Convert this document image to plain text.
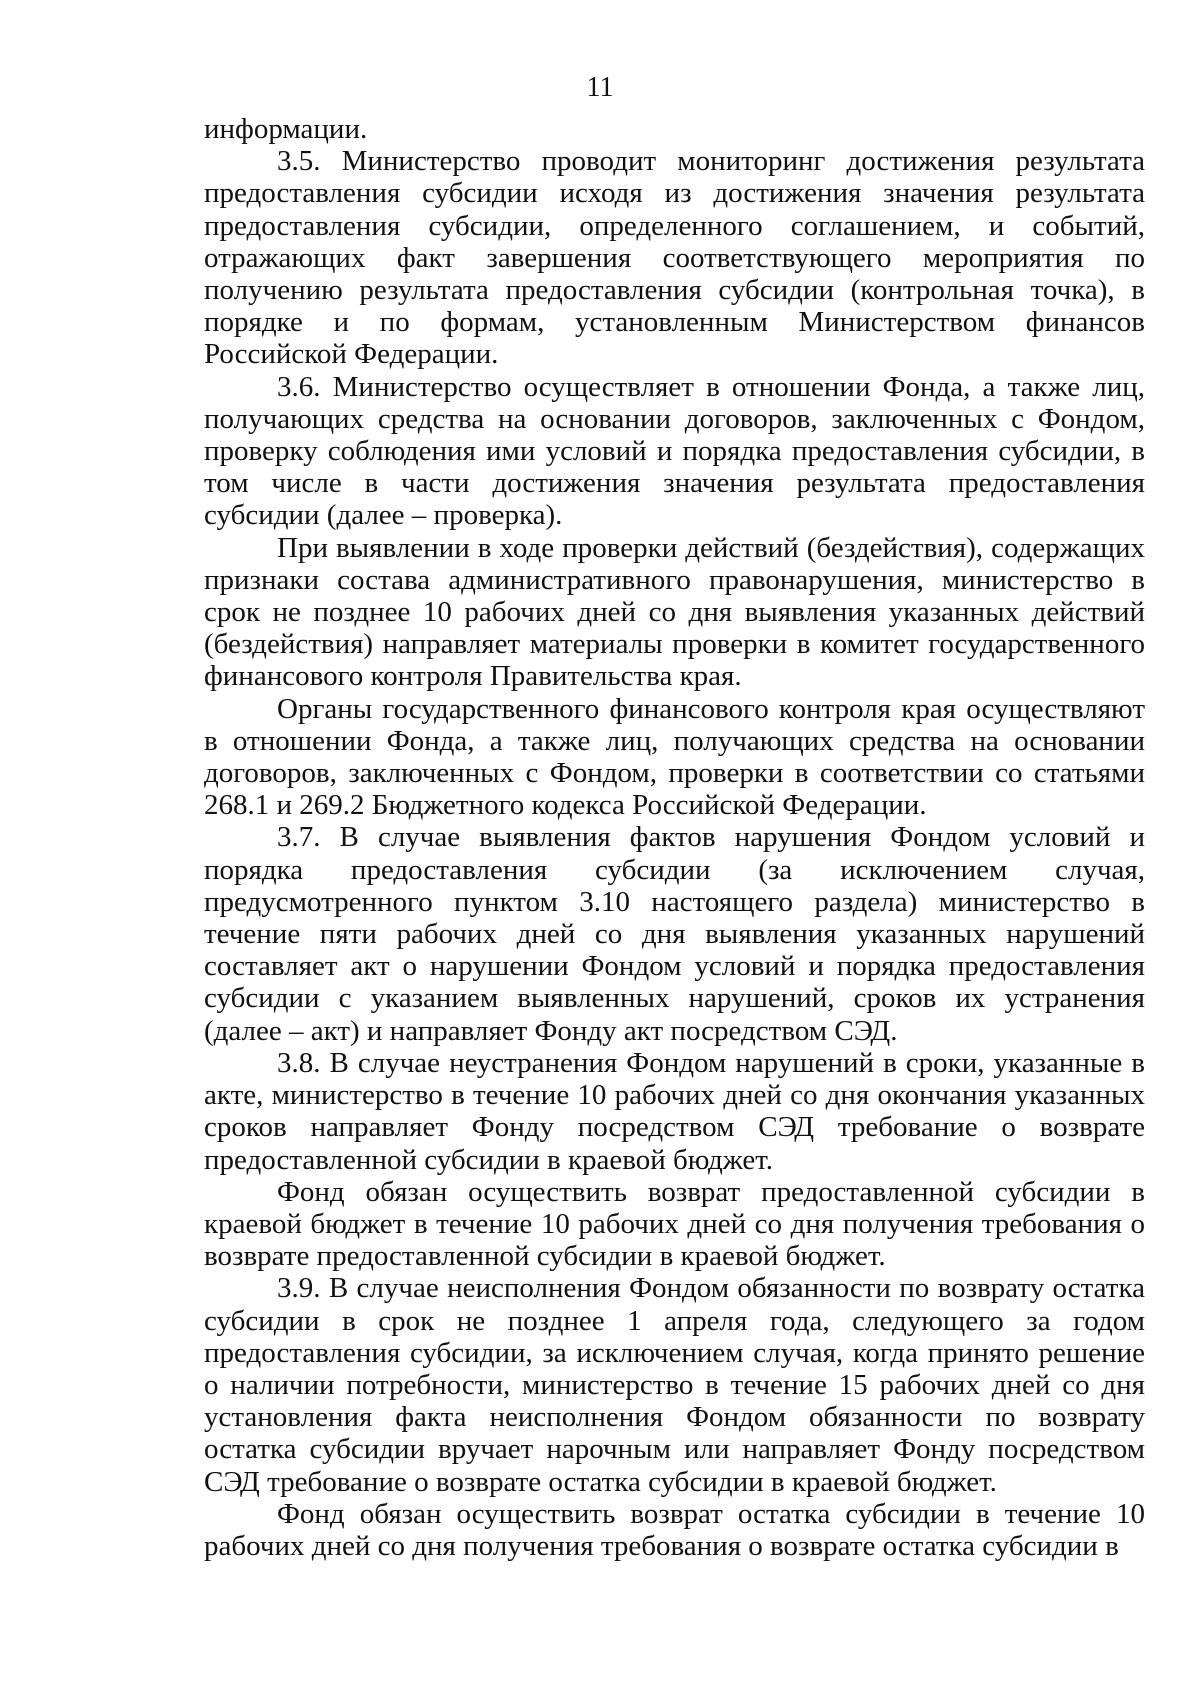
11

информации.

3.5. Министерство проводит мониторинг достижения результата предоставления субсидии исходя из достижения значения результата предоставления субсидии, определенного соглашением, и событий, отражающих факт завершения соответствующего мероприятия по получению результата предоставления субсидии (контрольная точка), в порядке и по формам, установленным Министерством финансов Российской Федерации.

3.6. Министерство осуществляет в отношении Фонда, а также лиц, получающих средства на основании договоров, заключенных с Фондом, проверку соблюдения ими условий и порядка предоставления субсидии, в том числе в части достижения значения результата предоставления субсидии (далее – проверка).

При выявлении в ходе проверки действий (бездействия), содержащих признаки состава административного правонарушения, министерство в срок не позднее 10 рабочих дней со дня выявления указанных действий (бездействия) направляет материалы проверки в комитет государственного финансового контроля Правительства края.

Органы государственного финансового контроля края осуществляют в отношении Фонда, а также лиц, получающих средства на основании договоров, заключенных с Фондом, проверки в соответствии со статьями 268.1 и 269.2 Бюджетного кодекса Российской Федерации.

3.7. В случае выявления фактов нарушения Фондом условий и порядка предоставления субсидии (за исключением случая, предусмотренного пунктом 3.10 настоящего раздела) министерство в течение пяти рабочих дней со дня выявления указанных нарушений составляет акт о нарушении Фондом условий и порядка предоставления субсидии с указанием выявленных нарушений, сроков их устранения (далее – акт) и направляет Фонду акт посредством СЭД.

3.8. В случае неустранения Фондом нарушений в сроки, указанные в акте, министерство в течение 10 рабочих дней со дня окончания указанных сроков направляет Фонду посредством СЭД требование о возврате предоставленной субсидии в краевой бюджет.

Фонд обязан осуществить возврат предоставленной субсидии в краевой бюджет в течение 10 рабочих дней со дня получения требования о возврате предоставленной субсидии в краевой бюджет.

3.9. В случае неисполнения Фондом обязанности по возврату остатка субсидии в срок не позднее 1 апреля года, следующего за годом предоставления субсидии, за исключением случая, когда принято решение о наличии потребности, министерство в течение 15 рабочих дней со дня установления факта неисполнения Фондом обязанности по возврату остатка субсидии вручает нарочным или направляет Фонду посредством СЭД требование о возврате остатка субсидии в краевой бюджет.

Фонд обязан осуществить возврат остатка субсидии в течение 10 рабочих дней со дня получения требования о возврате остатка субсидии в
